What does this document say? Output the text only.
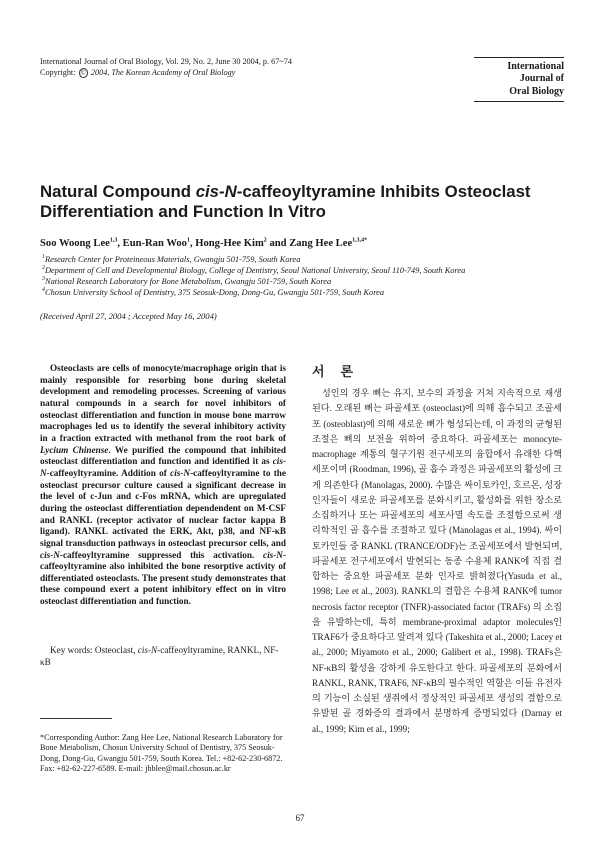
International Journal of Oral Biology, Vol. 29, No. 2, June 30 2004, p. 67~74
Copyright: © 2004, The Korean Academy of Oral Biology
International
Journal of
Oral Biology
Natural Compound cis-N-caffeoyltyramine Inhibits Osteoclast
Differentiation and Function In Vitro
Soo Woong Lee$^{1,3}$, Eun-Ran Woo$^1$, Hong-Hee Kim$^2$ and Zang Hee Lee$^{1,3,4*}$
$^1$Research Center for Proteineous Materials, Gwangju 501-759, South Korea
$^2$Department of Cell and Developmental Biology, College of Dentistry, Seoul National University, Seoul 110-749, South Korea
$^3$National Research Laboratory for Bone Metabolism, Gwangju 501-759, South Korea
$^4$Chosun University School of Dentistry, 375 Seosuk-Dong, Dong-Gu, Gwangju 501-759, South Korea
(Received April 27, 2004 ; Accepted May 16, 2004)
Osteoclasts are cells of monocyte/macrophage origin that is mainly responsible for resorbing bone during skeletal development and remodeling processes. Screening of various natural compounds in a search for novel inhibitors of osteoclast differentiation and function in mouse bone marrow macrophages led us to identify the several inhibitory activity in a fraction extracted with methanol from the root bark of Lycium Chinense. We purified the compound that inhibited osteoclast differentiation and function and identified it as cis-N-caffeoyltyramine. Addition of cis-N-caffeoyltyramine to the osteoclast precursor culture caused a significant decrease in the level of c-Jun and c-Fos mRNA, which are upregulated during the osteoclast differentiation dependendent on M-CSF and RANKL (receptor activator of nuclear factor kappa B ligand). RANKL activated the ERK, Akt, p38, and NF-κB signal transduction pathways in osteoclast precursor cells, and cis-N-caffeoyltyramine suppressed this activation. cis-N-caffeoyltyramine also inhibited the bone resorptive activity of differentiated osteoclasts. The present study demonstrates that these compound exert a potent inhibitory effect on in vitro osteoclast differentiation and function.
Key words: Osteoclast, cis-N-caffeoyltyramine, RANKL, NF-κB
*Corresponding Author: Zang Hee Lee, National Research Laboratory for Bone Metabolism, Chosun University School of Dentistry, 375 Seosuk-Dong, Dong-Gu, Gwangju 501-759, South Korea. Tel.: +82-62-230-6872. Fax: +82-62-227-6589. E-mail: jhblee@mail.chosun.ac.kr
서론
성인의 경우 뼈는 유지, 보수의 과정을 거쳐 지속적으로 재생된다. 오래된 뼈는 파골세포 (osteoclast)에 의해 흡수되고 조골세포 (osteoblast)에 의해 새로운 뼈가 형성되는데, 이 과정의 균형된 조절은 뼈의 보전을 위하여 중요하다. 파골세포는 monocyte-macrophage 계통의 혈구기원 전구세포의 융합에서 유래한 다핵세포이며 (Roodman, 1996), 골 흡수 과정은 파골세포의 활성에 크게 의존한다 (Manolagas, 2000). 수많은 싸이토카인, 호르몬, 성장인자들이 새로운 파골세포를 분화시키고, 활성화를 위한 장소로 소집하거나 또는 파골세포의 세포사멸 속도를 조절함으로써 생리학적인 골 흡수를 조절하고 있다 (Manolagas et al., 1994). 싸이토카인들 중 RANKL (TRANCE/ODF)는 조골세포에서 발현되며, 파골세포 전구세포에서 발현되는 동종 수용체 RANK에 직접 결합하는 중요한 파골세포 분화 인자로 밝혀졌다(Yasuda et al., 1998; Lee et al., 2003). RANKL의 결합은 수용체 RANK에 tumor necrosis factor receptor (TNFR)-associated factor (TRAFs) 의 소집을 유발하는데, 특히 membrane-proximal adaptor molecules인 TRAF6가 중요하다고 알려져 있다 (Takeshita et al., 2000; Lacey et al., 2000; Miyamoto et al., 2000; Galibert et al., 1998). TRAFs은 NF-κB의 활성을 강하게 유도한다고 한다. 파골세포의 분화에서 RANKL, RANK, TRAF6, NF-κB의 필수적인 역할은 이들 유전자의 기능이 소실된 생쥐에서 정상적인 파골세포 생성의 결함으로 유발된 골 경화증의 결과에서 분명하게 증명되었다 (Darnay et al., 1999; Kim et al., 1999;
67
